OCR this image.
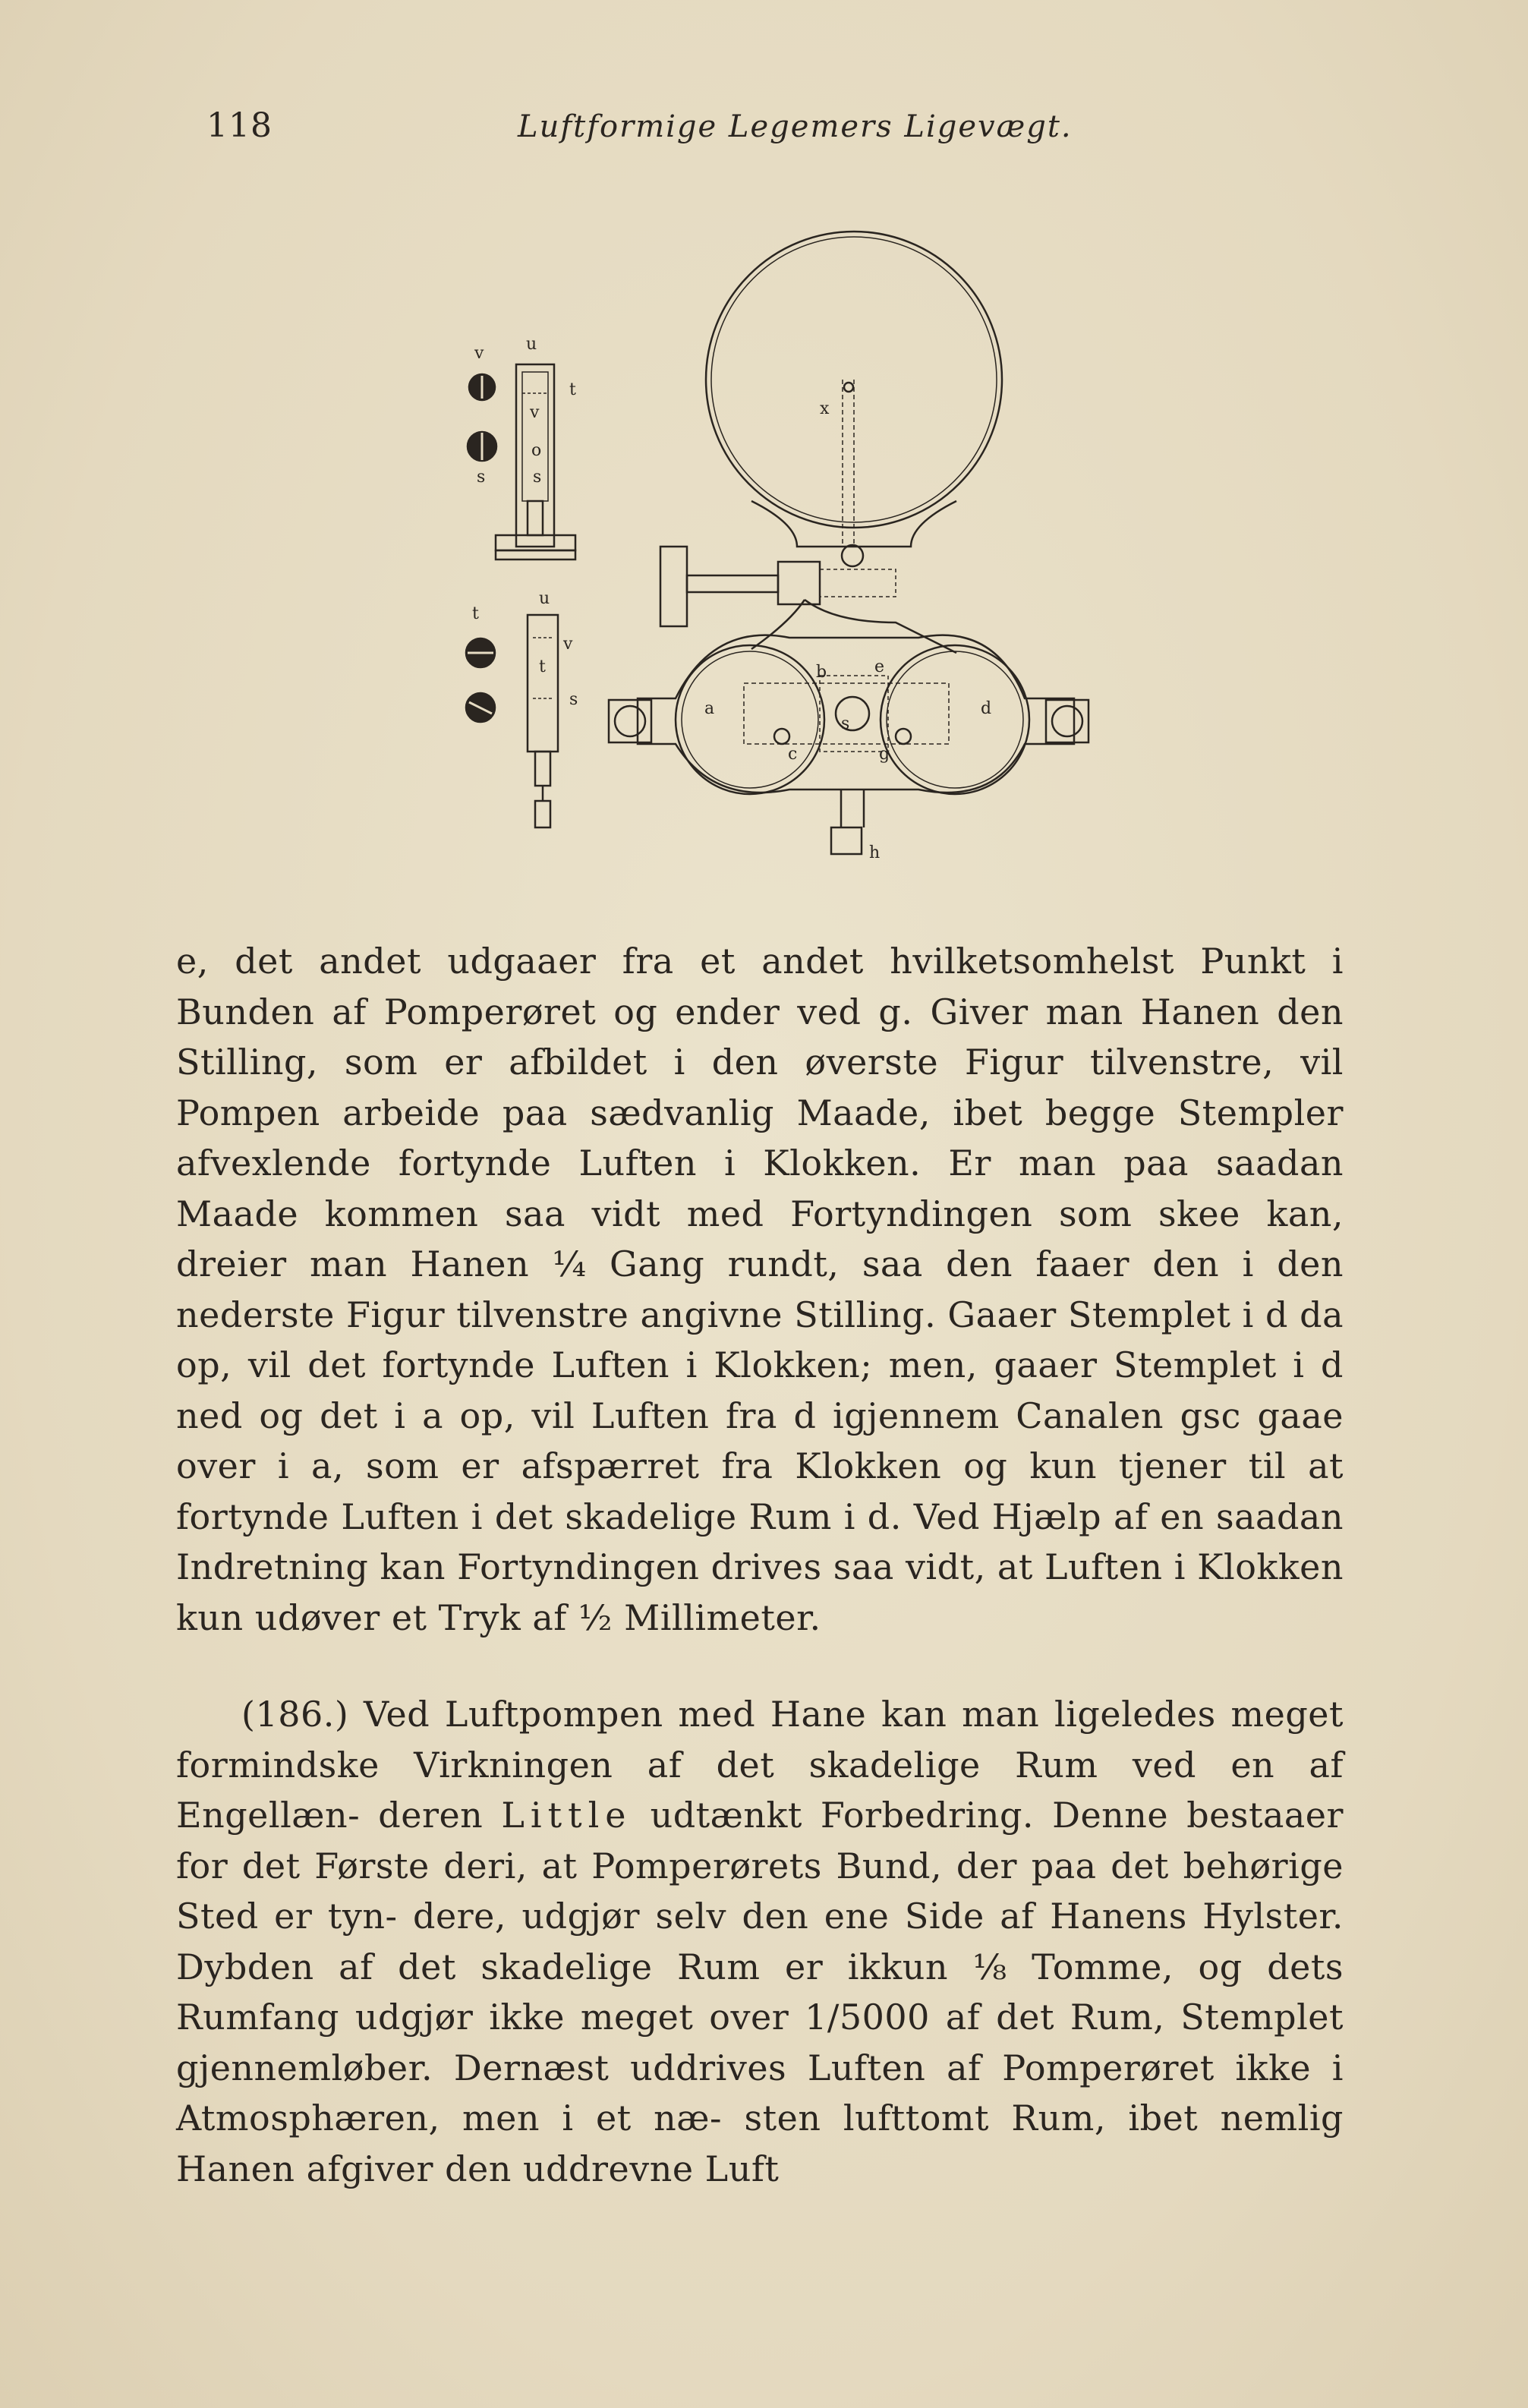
118	Luftformige Legemers Ligevægt.
v	u
t
v
o
s
s
x
t
u
v
t
s	a
b
c
d
e
g
s
h

e, det andet udgaaer fra et andet hvilketsomhelst Punkt i Bunden af Pomperøret og ender ved g. Giver man Hanen den Stilling, som er afbildet i den øverste Figur tilvenstre, vil Pompen arbeide paa sædvanlig Maade, ibet begge Stempler afvexlende fortynde Luften i Klokken. Er man paa saadan Maade kommen saa vidt med Fortyndingen som skee kan, dreier man Hanen ¼ Gang rundt, saa den faaer den i den nederste Figur tilvenstre angivne Stilling. Gaaer Stemplet i d da op, vil det fortynde Luften i Klokken; men, gaaer Stemplet i d ned og det i a op, vil Luften fra d igjennem Canalen gsc gaae over i a, som er afspærret fra Klokken og kun tjener til at fortynde Luften i det skadelige Rum i d. Ved Hjælp af en saadan Indretning kan Fortyndingen drives saa vidt, at Luften i Klokken kun udøver et Tryk af ½ Millimeter.

(186.) Ved Luftpompen med Hane kan man ligeledes meget formindske Virkningen af det skadelige Rum ved en af Engellæn- deren Little udtænkt Forbedring. Denne bestaaer for det Første deri, at Pomperørets Bund, der paa det behørige Sted er tyn- dere, udgjør selv den ene Side af Hanens Hylster. Dybden af det skadelige Rum er ikkun ⅛ Tomme, og dets Rumfang udgjør ikke meget over 1/5000 af det Rum, Stemplet gjennemløber. Dernæst uddrives Luften af Pomperøret ikke i Atmosphæren, men i et næ- sten lufttomt Rum, ibet nemlig Hanen afgiver den uddrevne Luft
